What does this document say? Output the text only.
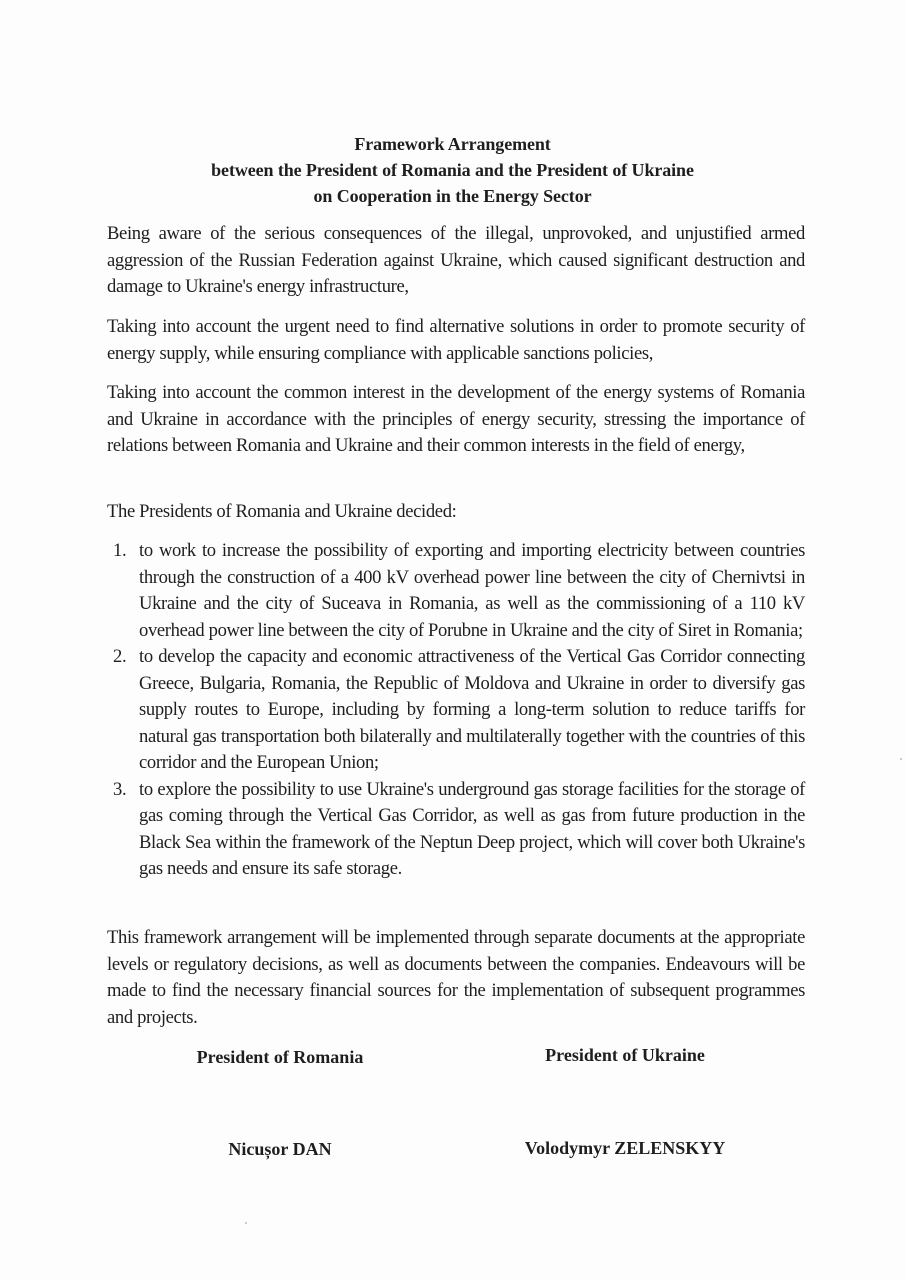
Framework Arrangement
between the President of Romania and the President of Ukraine
on Cooperation in the Energy Sector
Being aware of the serious consequences of the illegal, unprovoked, and unjustified armed aggression of the Russian Federation against Ukraine, which caused significant destruction and damage to Ukraine's energy infrastructure,
Taking into account the urgent need to find alternative solutions in order to promote security of energy supply, while ensuring compliance with applicable sanctions policies,
Taking into account the common interest in the development of the energy systems of Romania and Ukraine in accordance with the principles of energy security, stressing the importance of relations between Romania and Ukraine and their common interests in the field of energy,
The Presidents of Romania and Ukraine decided:
1. to work to increase the possibility of exporting and importing electricity between countries through the construction of a 400 kV overhead power line between the city of Chernivtsi in Ukraine and the city of Suceava in Romania, as well as the commissioning of a 110 kV overhead power line between the city of Porubne in Ukraine and the city of Siret in Romania;
2. to develop the capacity and economic attractiveness of the Vertical Gas Corridor connecting Greece, Bulgaria, Romania, the Republic of Moldova and Ukraine in order to diversify gas supply routes to Europe, including by forming a long-term solution to reduce tariffs for natural gas transportation both bilaterally and multilaterally together with the countries of this corridor and the European Union;
3. to explore the possibility to use Ukraine's underground gas storage facilities for the storage of gas coming through the Vertical Gas Corridor, as well as gas from future production in the Black Sea within the framework of the Neptun Deep project, which will cover both Ukraine's gas needs and ensure its safe storage.
This framework arrangement will be implemented through separate documents at the appropriate levels or regulatory decisions, as well as documents between the companies. Endeavours will be made to find the necessary financial sources for the implementation of subsequent programmes and projects.
President of Romania	President of Ukraine
Nicușor DAN	Volodymyr ZELENSKYY
